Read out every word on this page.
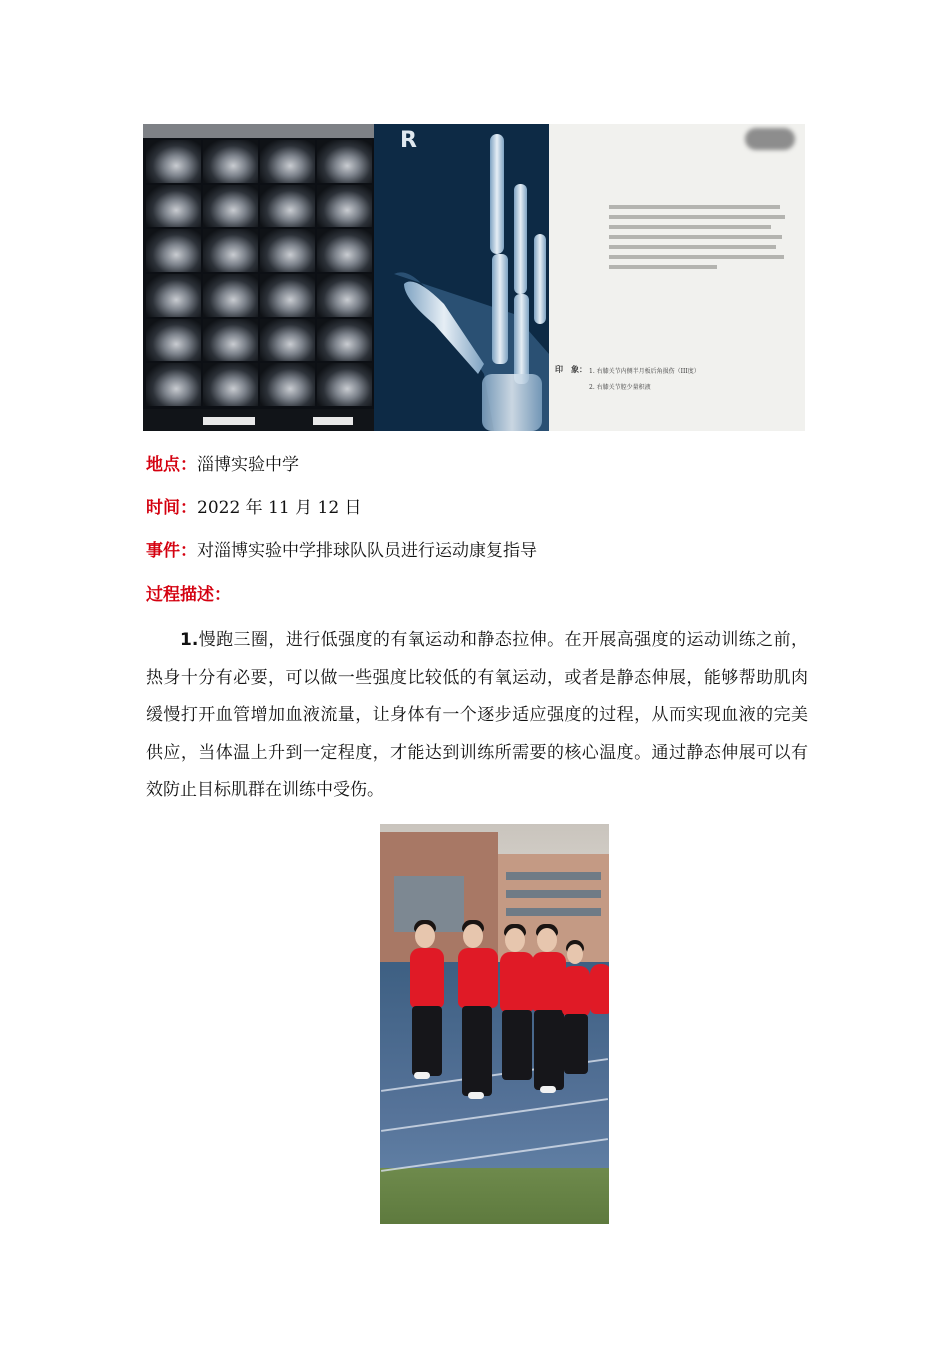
R
印　象： 1. 右膝关节内侧半月板后角损伤（III度）
2. 右膝关节腔少量积液
地点：淄博实验中学
时间：2022 年 11 月 12 日
事件：对淄博实验中学排球队队员进行运动康复指导
过程描述：
1.慢跑三圈，进行低强度的有氧运动和静态拉伸。在开展高强度的运动训练之前，热身十分有必要，可以做一些强度比较低的有氧运动，或者是静态伸展，能够帮助肌肉缓慢打开血管增加血液流量，让身体有一个逐步适应强度的过程，从而实现血液的完美供应，当体温上升到一定程度，才能达到训练所需要的核心温度。通过静态伸展可以有效防止目标肌群在训练中受伤。
